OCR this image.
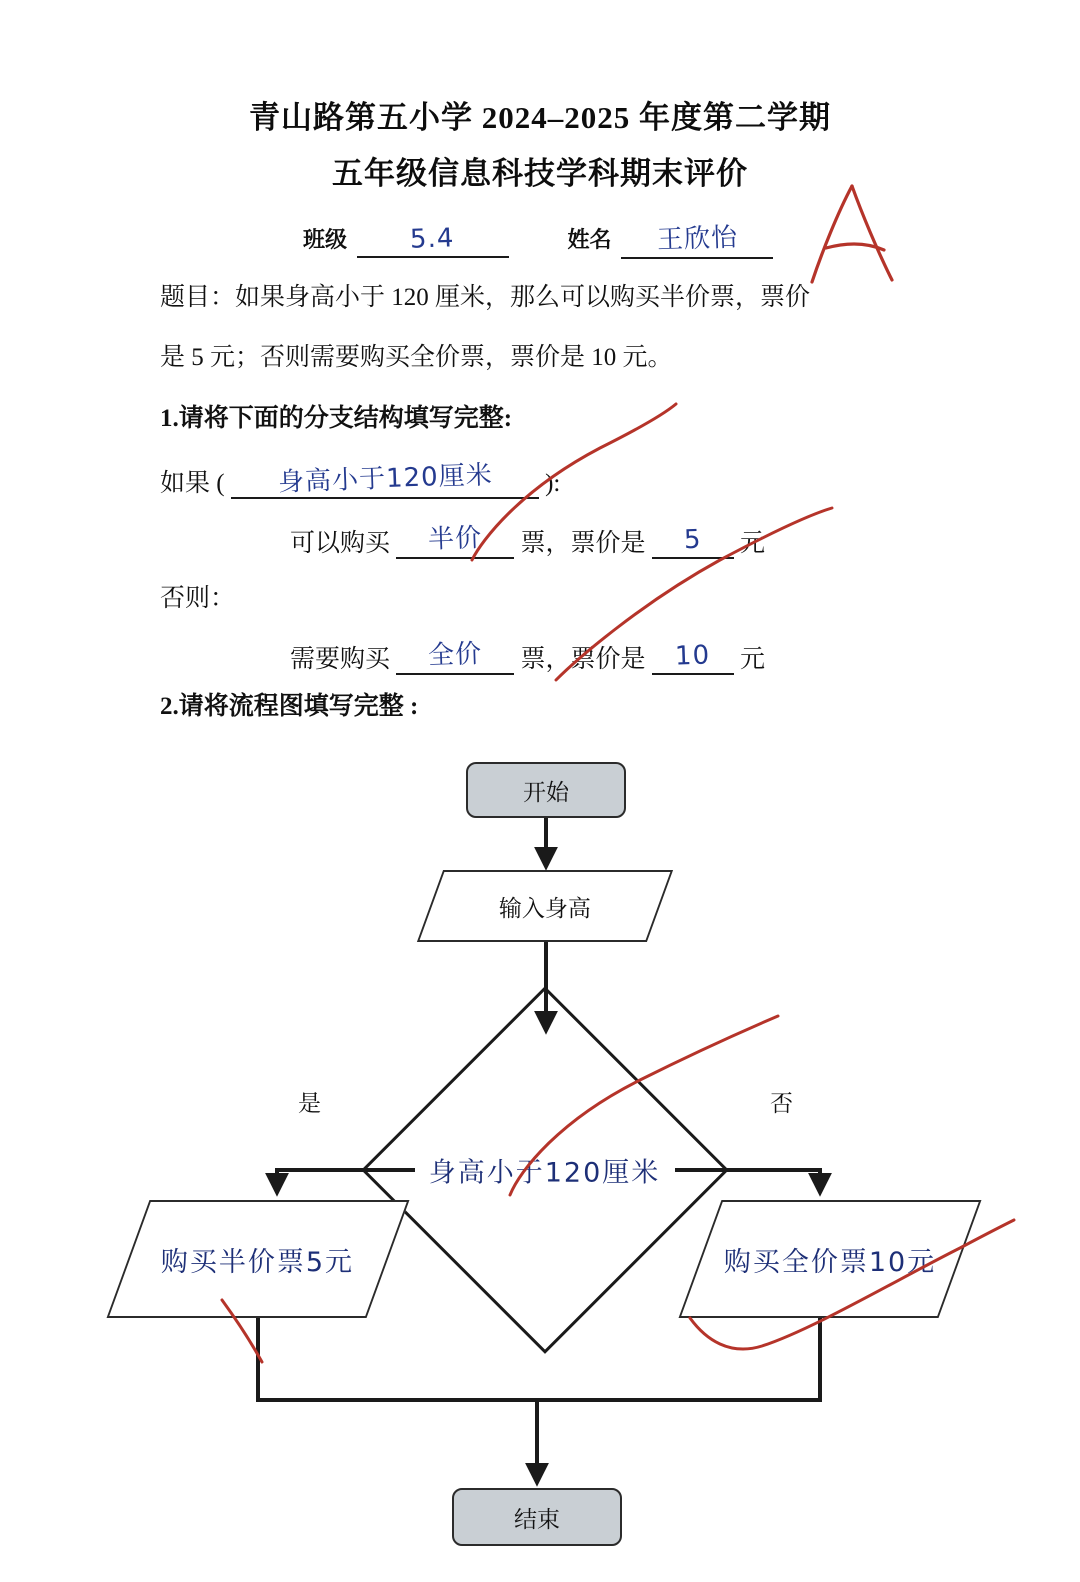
青山路第五小学 2024–2025 年度第二学期
五年级信息科技学科期末评价
班级 5.4	姓名 王欣怡
题目：如果身高小于 120 厘米，那么可以购买半价票，票价
是 5 元；否则需要购买全价票，票价是 10 元。
1.请将下面的分支结构填写完整:
如果 ( 身高小于120厘米 ):
可以购买 半价 票，票价是 5 元
否则：
需要购买 全价 票，票价是 10 元
2.请将流程图填写完整 :
开始
输入身高
身高小于120厘米
是	否
购买半价票5元	购买全价票10元
结束
